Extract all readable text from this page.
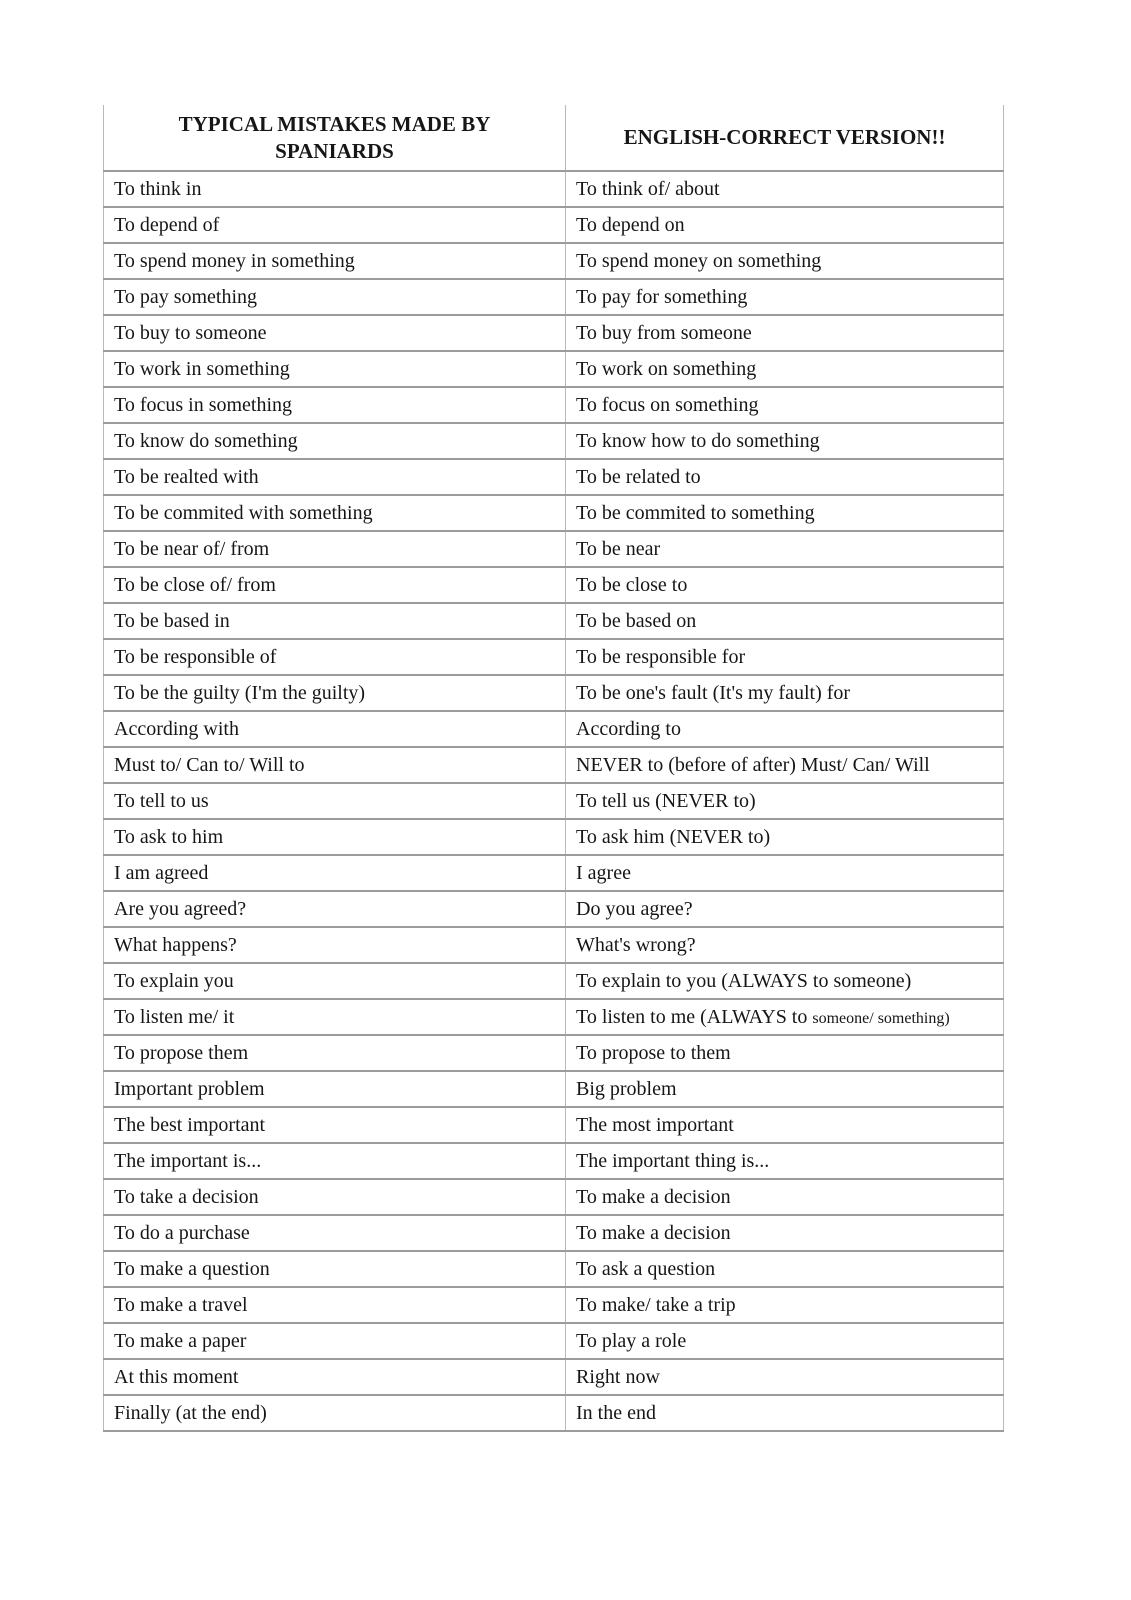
TYPICAL MISTAKES MADE BY SPANIARDS	ENGLISH-CORRECT VERSION!!
To think in	To think of/ about
To depend of	To depend on
To spend money in something	To spend money on something
To pay something	To pay for something
To buy to someone	To buy from someone
To work in something	To work on something
To focus in something	To focus on something
To know do something	To know how to do something
To be realted with	To be related to
To be commited with something	To be commited to something
To be near of/ from	To be near
To be close of/ from	To be close to
To be based in	To be based on
To be responsible of	To be responsible for
To be the guilty (I'm the guilty)	To be one's fault (It's my fault) for
According with	According to
Must to/ Can to/ Will to	NEVER to (before of after) Must/ Can/ Will
To tell to us	To tell us (NEVER to)
To ask to him	To ask him (NEVER to)
I am agreed	I agree
Are you agreed?	Do you agree?
What happens?	What's wrong?
To explain you	To explain to you (ALWAYS to someone)
To listen me/ it	To listen to me (ALWAYS to someone/ something)
To propose them	To propose to them
Important problem	Big problem
The best important	The most important
The important is...	The important thing is...
To take a decision	To make a decision
To do a purchase	To make a decision
To make a question	To ask a question
To make a travel	To make/ take a trip
To make a paper	To play a role
At this moment	Right now
Finally (at the end)	In the end
